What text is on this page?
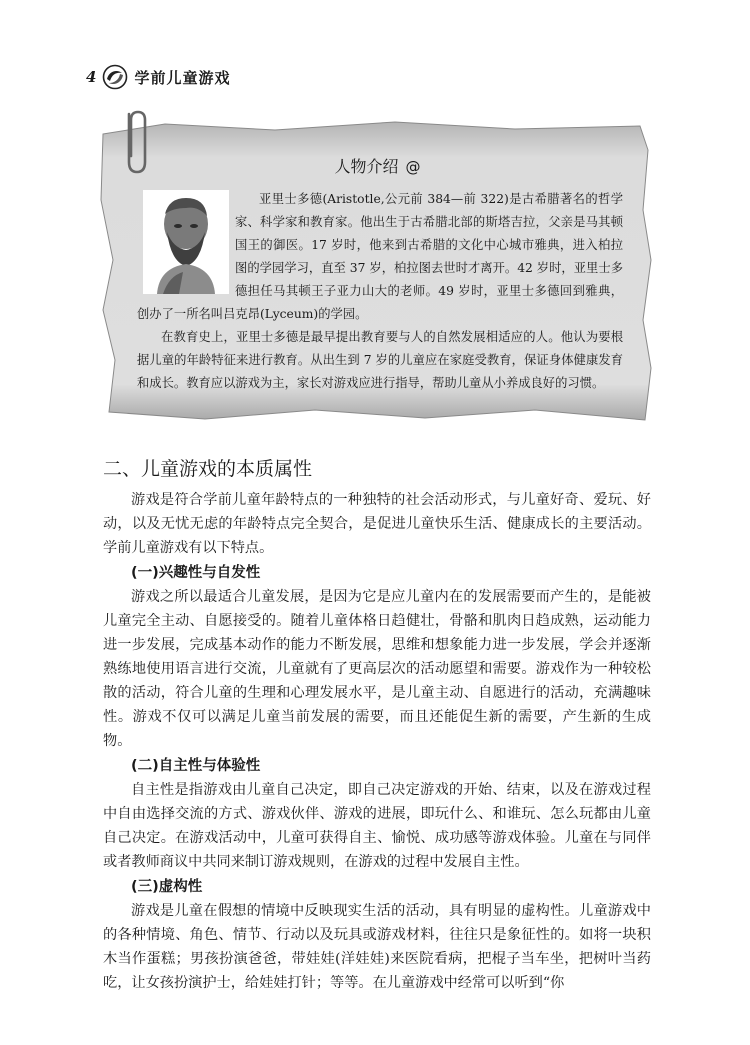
4	学前儿童游戏
人物介绍 @

亚里士多德(Aristotle,公元前 384—前 322)是古希腊著名的哲学家、科学家和教育家。他出生于古希腊北部的斯塔吉拉，父亲是马其顿国王的御医。17 岁时，他来到古希腊的文化中心城市雅典，进入柏拉图的学园学习，直至 37 岁，柏拉图去世时才离开。42 岁时，亚里士多德担任马其顿王子亚力山大的老师。49 岁时，亚里士多德回到雅典，创办了一所名叫吕克昂(Lyceum)的学园。

在教育史上，亚里士多德是最早提出教育要与人的自然发展相适应的人。他认为要根据儿童的年龄特征来进行教育。从出生到 7 岁的儿童应在家庭受教育，保证身体健康发育和成长。教育应以游戏为主，家长对游戏应进行指导，帮助儿童从小养成良好的习惯。

二、儿童游戏的本质属性

游戏是符合学前儿童年龄特点的一种独特的社会活动形式，与儿童好奇、爱玩、好动，以及无忧无虑的年龄特点完全契合，是促进儿童快乐生活、健康成长的主要活动。学前儿童游戏有以下特点。

(一)兴趣性与自发性

游戏之所以最适合儿童发展，是因为它是应儿童内在的发展需要而产生的，是能被儿童完全主动、自愿接受的。随着儿童体格日趋健壮，骨骼和肌肉日趋成熟，运动能力进一步发展，完成基本动作的能力不断发展，思维和想象能力进一步发展，学会并逐渐熟练地使用语言进行交流，儿童就有了更高层次的活动愿望和需要。游戏作为一种较松散的活动，符合儿童的生理和心理发展水平，是儿童主动、自愿进行的活动，充满趣味性。游戏不仅可以满足儿童当前发展的需要，而且还能促生新的需要，产生新的生成物。

(二)自主性与体验性

自主性是指游戏由儿童自己决定，即自己决定游戏的开始、结束，以及在游戏过程中自由选择交流的方式、游戏伙伴、游戏的进展，即玩什么、和谁玩、怎么玩都由儿童自己决定。在游戏活动中，儿童可获得自主、愉悦、成功感等游戏体验。儿童在与同伴或者教师商议中共同来制订游戏规则，在游戏的过程中发展自主性。

(三)虚构性

游戏是儿童在假想的情境中反映现实生活的活动，具有明显的虚构性。儿童游戏中的各种情境、角色、情节、行动以及玩具或游戏材料，往往只是象征性的。如将一块积木当作蛋糕；男孩扮演爸爸，带娃娃(洋娃娃)来医院看病，把棍子当车坐，把树叶当药吃，让女孩扮演护士，给娃娃打针；等等。在儿童游戏中经常可以听到“你
